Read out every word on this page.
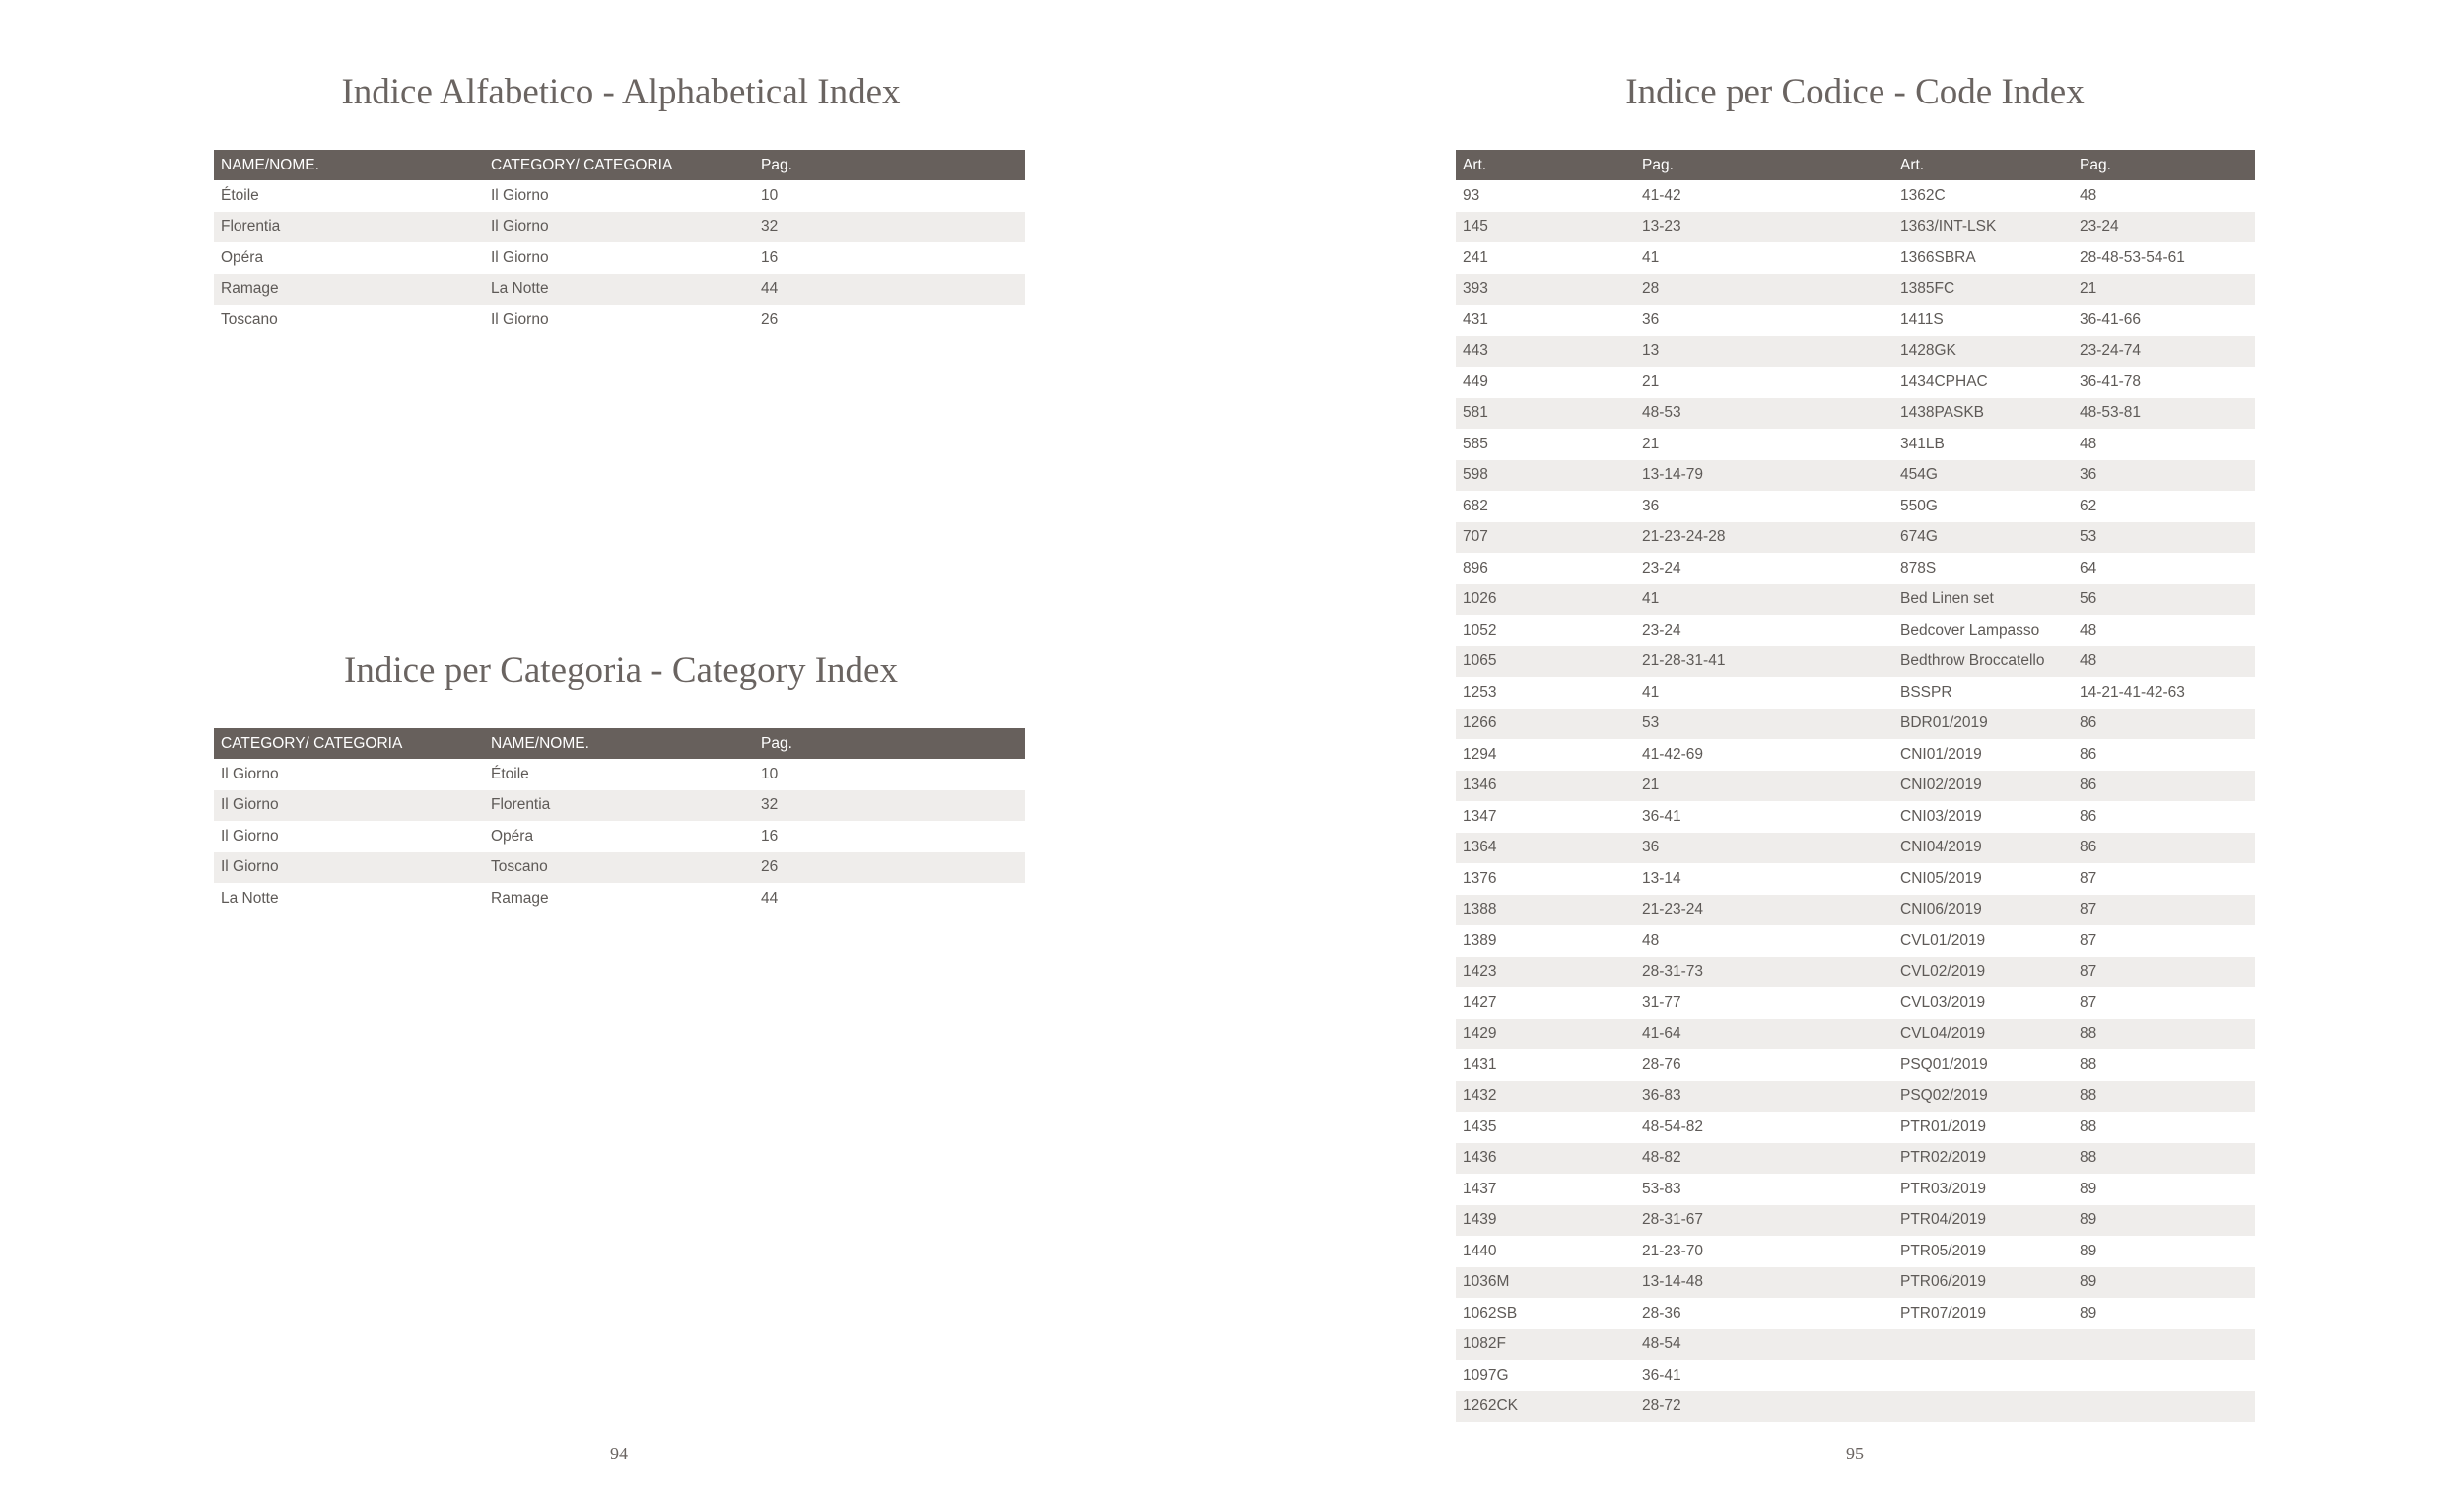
Indice Alfabetico - Alphabetical Index
NAME/NOME.	CATEGORY/ CATEGORIA	Pag.
Étoile	Il Giorno	10
Florentia	Il Giorno	32
Opéra	Il Giorno	16
Ramage	La Notte	44
Toscano	Il Giorno	26
Indice per Categoria - Category Index
CATEGORY/ CATEGORIA	NAME/NOME.	Pag.
Il Giorno	Étoile	10
Il Giorno	Florentia	32
Il Giorno	Opéra	16
Il Giorno	Toscano	26
La Notte	Ramage	44

94

Indice per Codice - Code Index
Art.	Pag.	Art.	Pag.
93	41-42	1362C	48
145	13-23	1363/INT-LSK	23-24
241	41	1366SBRA	28-48-53-54-61
393	28	1385FC	21
431	36	1411S	36-41-66
443	13	1428GK	23-24-74
449	21	1434CPHAC	36-41-78
581	48-53	1438PASKB	48-53-81
585	21	341LB	48
598	13-14-79	454G	36
682	36	550G	62
707	21-23-24-28	674G	53
896	23-24	878S	64
1026	41	Bed Linen set	56
1052	23-24	Bedcover Lampasso	48
1065	21-28-31-41	Bedthrow Broccatello	48
1253	41	BSSPR	14-21-41-42-63
1266	53	BDR01/2019	86
1294	41-42-69	CNI01/2019	86
1346	21	CNI02/2019	86
1347	36-41	CNI03/2019	86
1364	36	CNI04/2019	86
1376	13-14	CNI05/2019	87
1388	21-23-24	CNI06/2019	87
1389	48	CVL01/2019	87
1423	28-31-73	CVL02/2019	87
1427	31-77	CVL03/2019	87
1429	41-64	CVL04/2019	88
1431	28-76	PSQ01/2019	88
1432	36-83	PSQ02/2019	88
1435	48-54-82	PTR01/2019	88
1436	48-82	PTR02/2019	88
1437	53-83	PTR03/2019	89
1439	28-31-67	PTR04/2019	89
1440	21-23-70	PTR05/2019	89
1036M	13-14-48	PTR06/2019	89
1062SB	28-36	PTR07/2019	89
1082F	48-54		
1097G	36-41		
1262CK	28-72		

95
